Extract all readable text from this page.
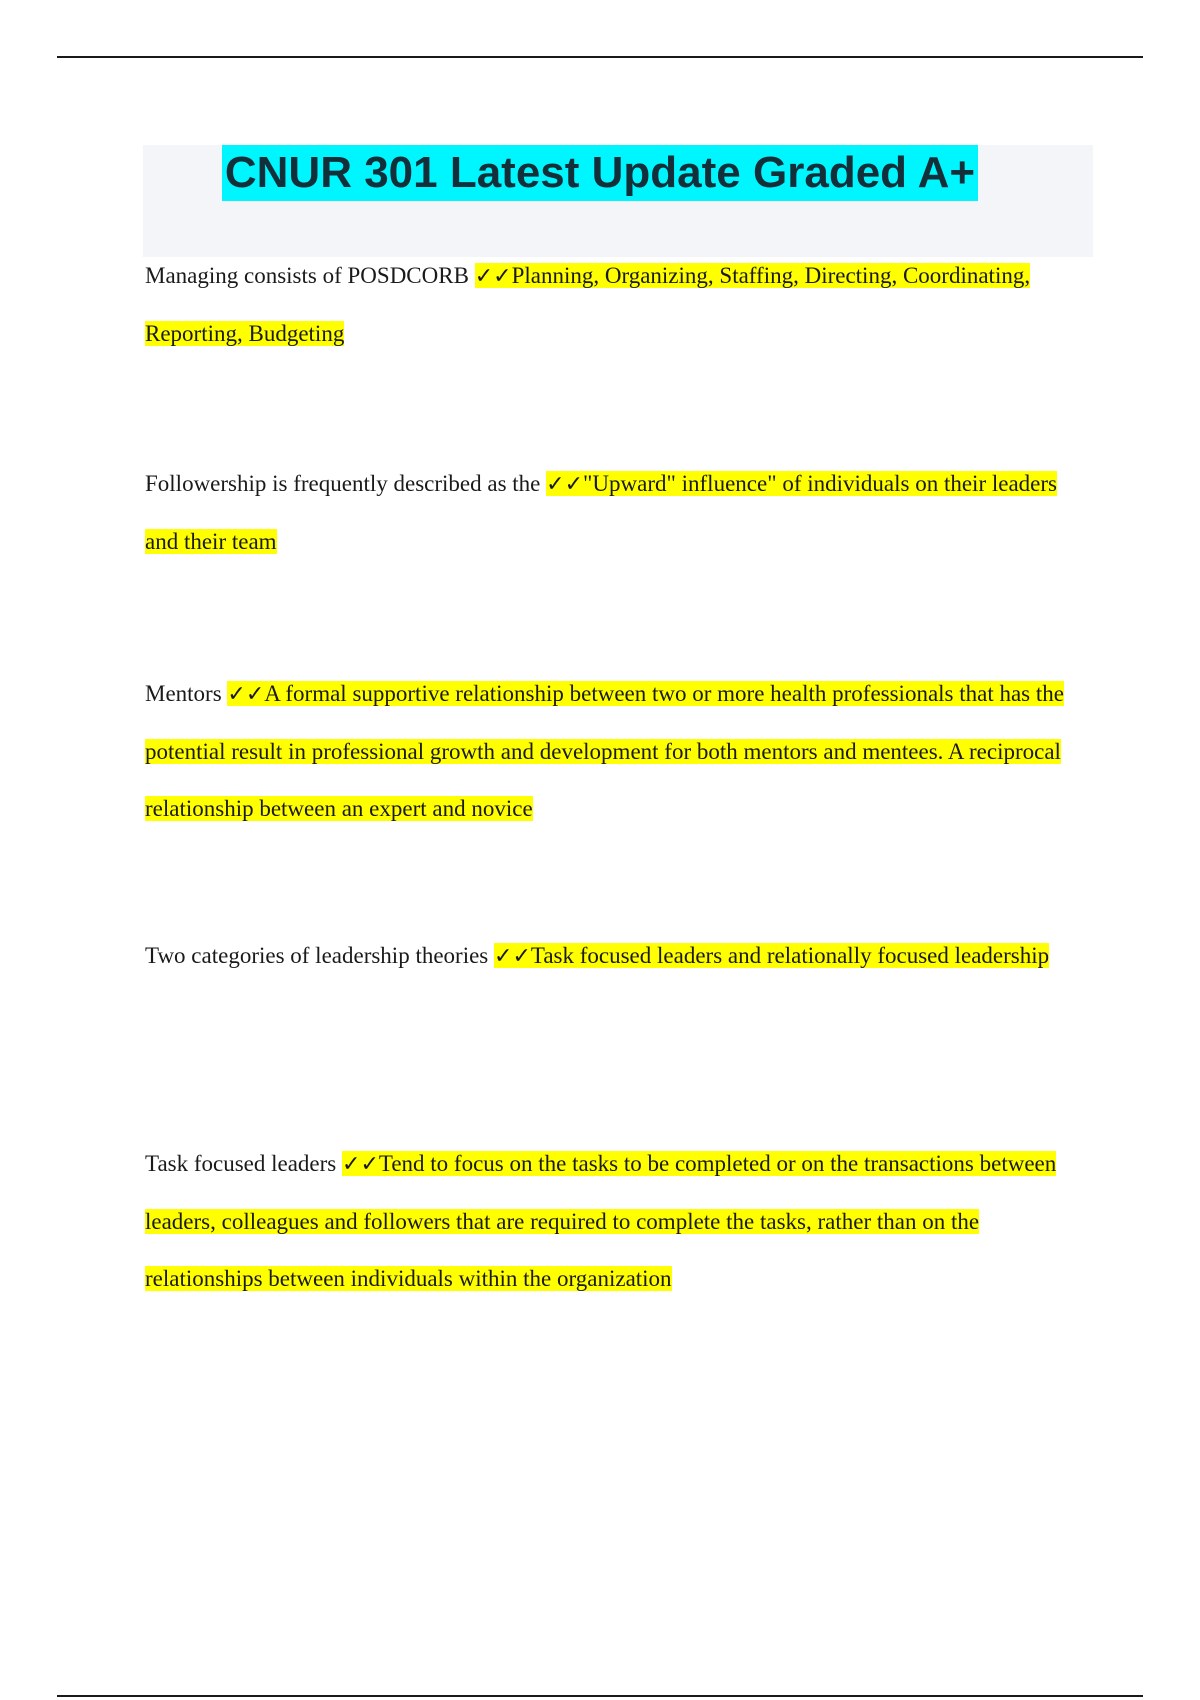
CNUR 301 Latest Update Graded A+
Managing consists of POSDCORB ✓✓Planning, Organizing, Staffing, Directing, Coordinating, Reporting, Budgeting
Followership is frequently described as the ✓✓"Upward" influence" of individuals on their leaders and their team
Mentors ✓✓A formal supportive relationship between two or more health professionals that has the potential result in professional growth and development for both mentors and mentees. A reciprocal relationship between an expert and novice
Two categories of leadership theories ✓✓Task focused leaders and relationally focused leadership
Task focused leaders ✓✓Tend to focus on the tasks to be completed or on the transactions between leaders, colleagues and followers that are required to complete the tasks, rather than on the relationships between individuals within the organization
